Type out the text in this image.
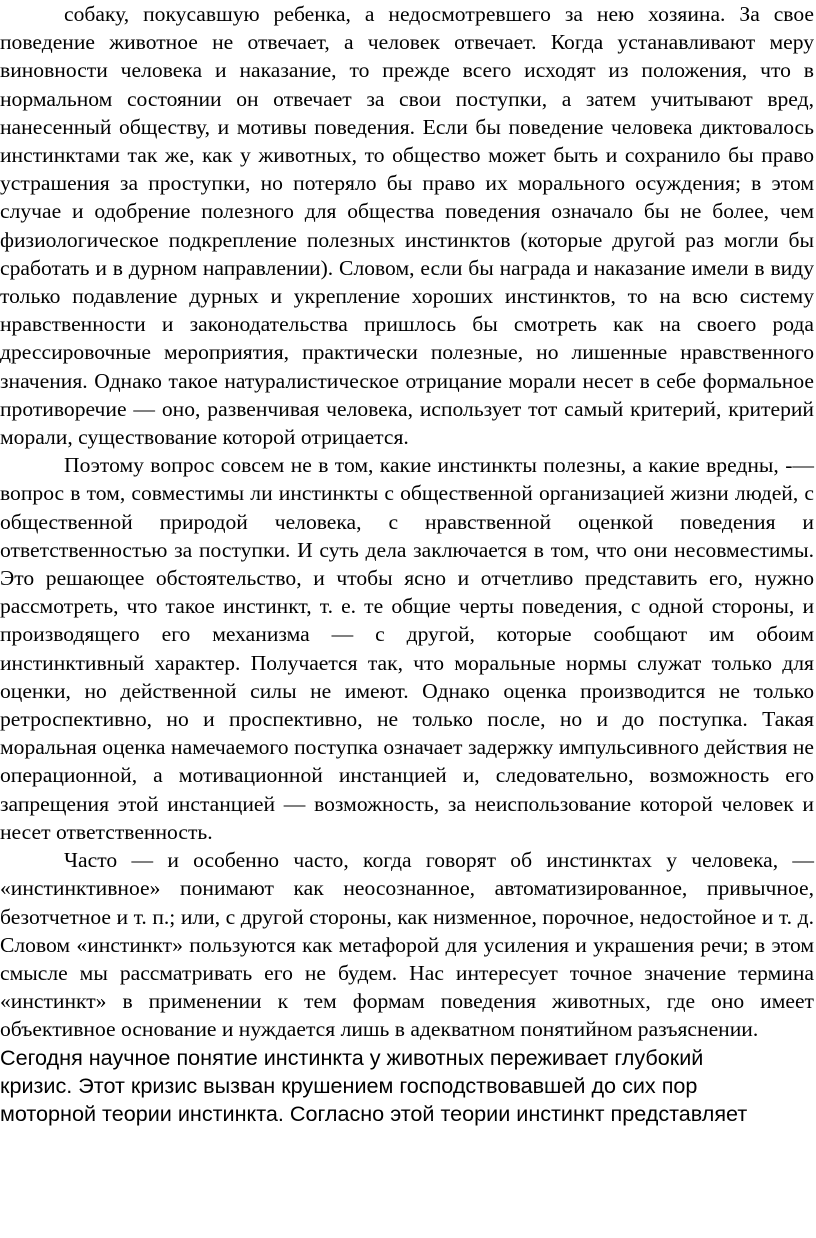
собаку, покусавшую ребенка, а недосмотревшего за нею хозяина. За свое поведение животное не отвечает, а человек отвечает. Когда устанавливают меру виновности человека и наказание, то прежде всего исходят из положения, что в нормальном состоянии он отвечает за свои поступки, а затем учитывают вред, нанесенный обществу, и мотивы поведения. Если бы поведение человека диктовалось инстинктами так же, как у животных, то общество может быть и сохранило бы право устрашения за проступки, но потеряло бы право их морального осуждения; в этом случае и одобрение полезного для общества поведения означало бы не более, чем физиологическое подкрепление полезных инстинктов (которые другой раз могли бы сработать и в дурном направлении). Словом, если бы награда и наказание имели в виду только подавление дурных и укрепление хороших инстинктов, то на всю систему нравственности и законодательства пришлось бы смотреть как на своего рода дрессировочные мероприятия, практически полезные, но лишенные нравственного значения. Однако такое натуралистическое отрицание морали несет в себе формальное противоречие — оно, развенчивая человека, использует тот самый критерий, критерий морали, существование которой отрицается.

Поэтому вопрос совсем не в том, какие инстинкты полезны, а какие вредны, -— вопрос в том, совместимы ли инстинкты с общественной организацией жизни людей, с общественной природой человека, с нравственной оценкой поведения и ответственностью за поступки. И суть дела заключается в том, что они несовместимы. Это решающее обстоятельство, и чтобы ясно и отчетливо представить его, нужно рассмотреть, что такое инстинкт, т. е. те общие черты поведения, с одной стороны, и производящего его механизма — с другой, которые сообщают им обоим инстинктивный характер. Получается так, что моральные нормы служат только для оценки, но действенной силы не имеют. Однако оценка производится не только ретроспективно, но и проспективно, не только после, но и до поступка. Такая моральная оценка намечаемого поступка означает задержку импульсивного действия не операционной, а мотивационной инстанцией и, следовательно, возможность его запрещения этой инстанцией — возможность, за неиспользование которой человек и несет ответственность.

Часто — и особенно часто, когда говорят об инстинктах у человека, — «инстинктивное» понимают как неосознанное, автоматизированное, привычное, безотчетное и т. п.; или, с другой стороны, как низменное, порочное, недостойное и т. д. Словом «инстинкт» пользуются как метафорой для усиления и украшения речи; в этом смысле мы рассматривать его не будем. Нас интересует точное значение термина «инстинкт» в применении к тем формам поведения животных, где оно имеет объективное основание и нуждается лишь в адекватном понятийном разъяснении.

Сегодня научное понятие инстинкта у животных переживает глубокий кризис. Этот кризис вызван крушением господствовавшей до сих пор моторной теории инстинкта. Согласно этой теории инстинкт представляет
